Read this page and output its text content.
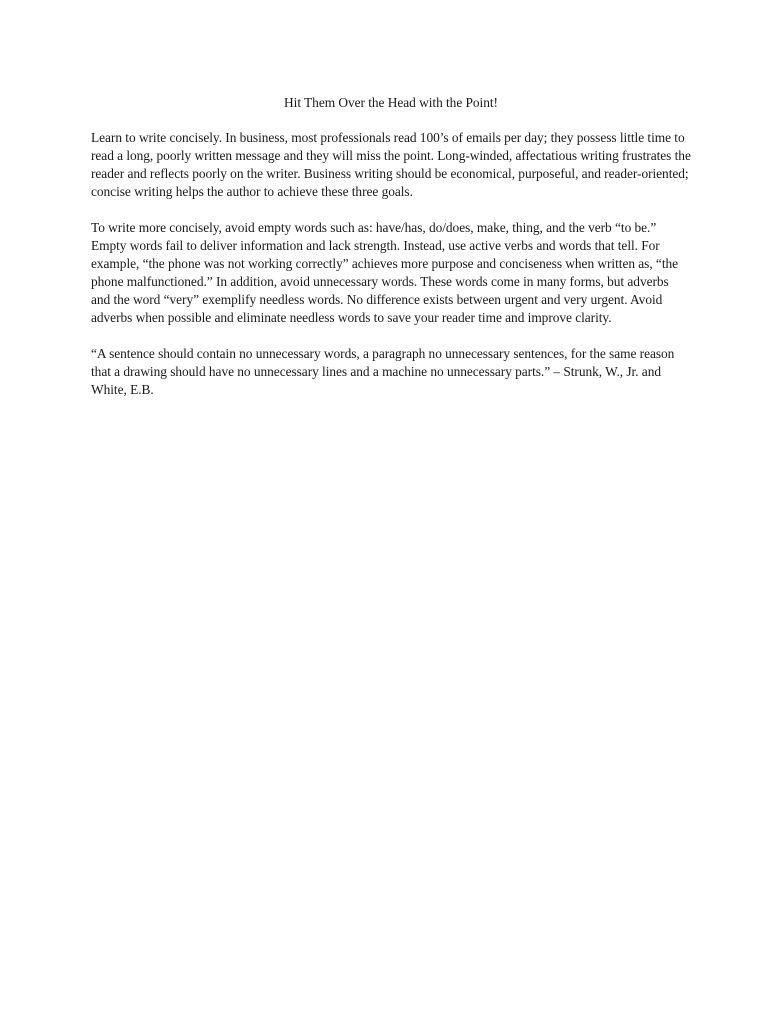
Hit Them Over the Head with the Point!

Learn to write concisely. In business, most professionals read 100’s of emails per day; they possess little time to read a long, poorly written message and they will miss the point. Long-winded, affectatious writing frustrates the reader and reflects poorly on the writer. Business writing should be economical, purposeful, and reader-oriented; concise writing helps the author to achieve these three goals.

To write more concisely, avoid empty words such as: have/has, do/does, make, thing, and the verb “to be.” Empty words fail to deliver information and lack strength. Instead, use active verbs and words that tell. For example, “the phone was not working correctly” achieves more purpose and conciseness when written as, “the phone malfunctioned.” In addition, avoid unnecessary words. These words come in many forms, but adverbs and the word “very” exemplify needless words. No difference exists between urgent and very urgent. Avoid adverbs when possible and eliminate needless words to save your reader time and improve clarity.

“A sentence should contain no unnecessary words, a paragraph no unnecessary sentences, for the same reason that a drawing should have no unnecessary lines and a machine no unnecessary parts.” – Strunk, W., Jr. and White, E.B.
